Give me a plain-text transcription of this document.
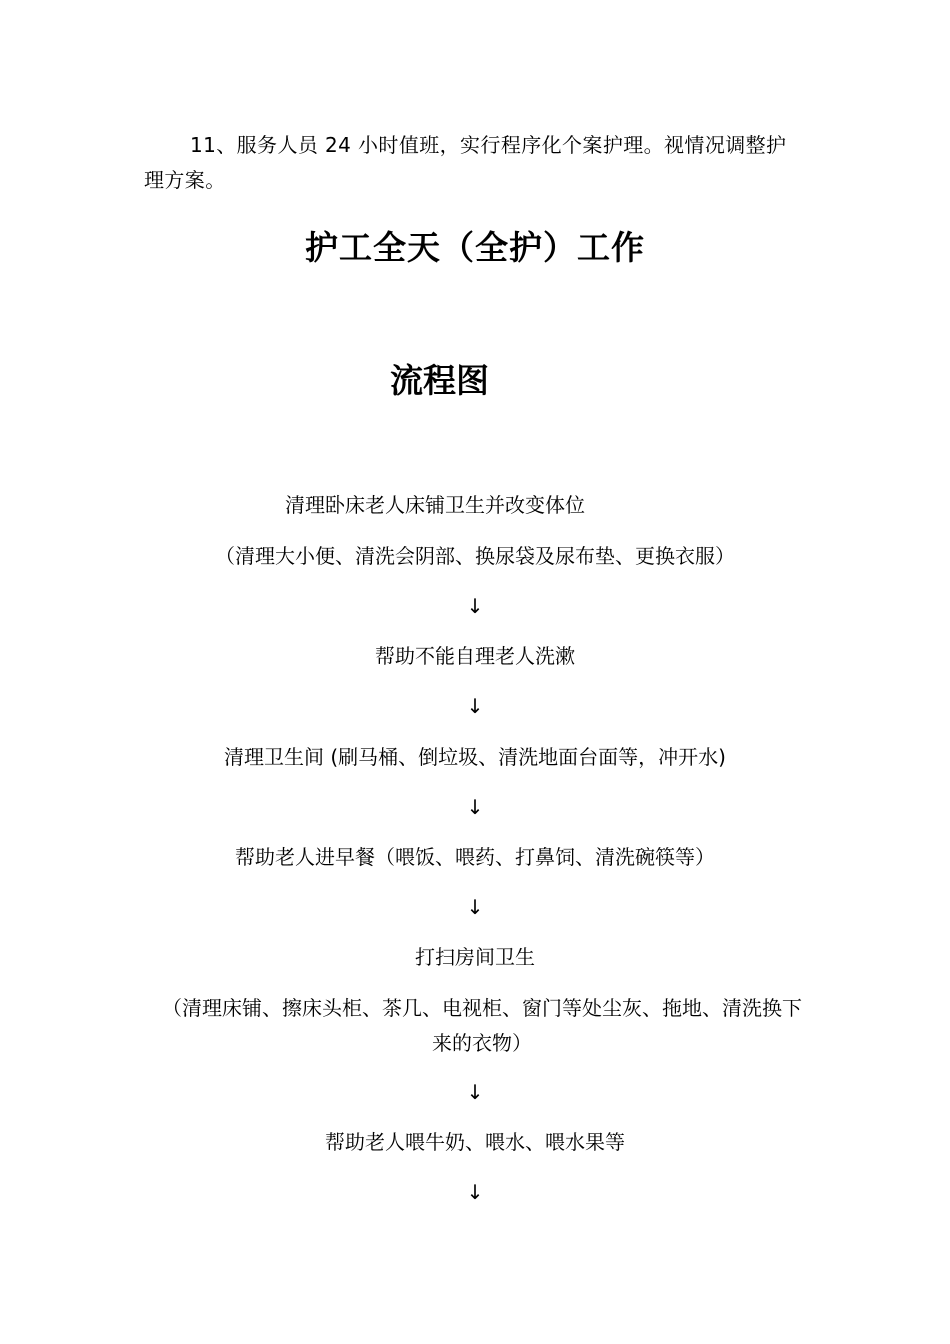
11、服务人员 24 小时值班，实行程序化个案护理。视情况调整护理方案。
护工全天（全护）工作
流程图
清理卧床老人床铺卫生并改变体位
（清理大小便、清洗会阴部、换尿袋及尿布垫、更换衣服）
↓
帮助不能自理老人洗漱
↓
清理卫生间 (刷马桶、倒垃圾、清洗地面台面等，冲开水)
↓
帮助老人进早餐（喂饭、喂药、打鼻饲、清洗碗筷等）
↓
打扫房间卫生
（清理床铺、擦床头柜、茶几、电视柜、窗门等处尘灰、拖地、清洗换下来的衣物）
↓
帮助老人喂牛奶、喂水、喂水果等
↓
